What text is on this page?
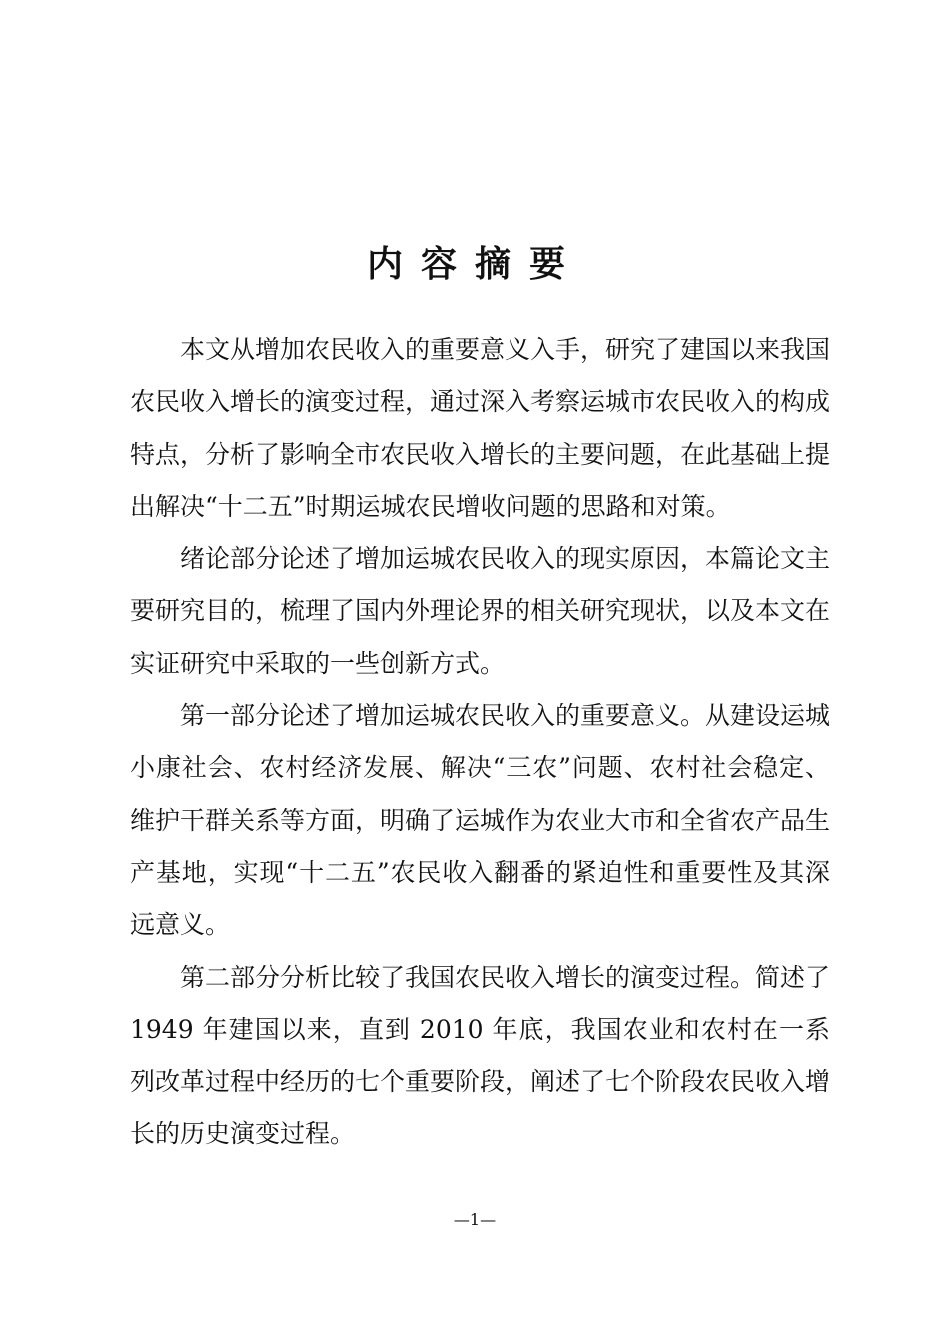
内容摘要

本文从增加农民收入的重要意义入手，研究了建国以来我国农民收入增长的演变过程，通过深入考察运城市农民收入的构成特点，分析了影响全市农民收入增长的主要问题，在此基础上提出解决“十二五”时期运城农民增收问题的思路和对策。

绪论部分论述了增加运城农民收入的现实原因，本篇论文主要研究目的，梳理了国内外理论界的相关研究现状，以及本文在实证研究中采取的一些创新方式。

第一部分论述了增加运城农民收入的重要意义。从建设运城小康社会、农村经济发展、解决“三农”问题、农村社会稳定、维护干群关系等方面，明确了运城作为农业大市和全省农产品生产基地，实现“十二五”农民收入翻番的紧迫性和重要性及其深远意义。

第二部分分析比较了我国农民收入增长的演变过程。简述了 1949 年建国以来，直到 2010 年底，我国农业和农村在一系列改革过程中经历的七个重要阶段，阐述了七个阶段农民收入增长的历史演变过程。

—1—
